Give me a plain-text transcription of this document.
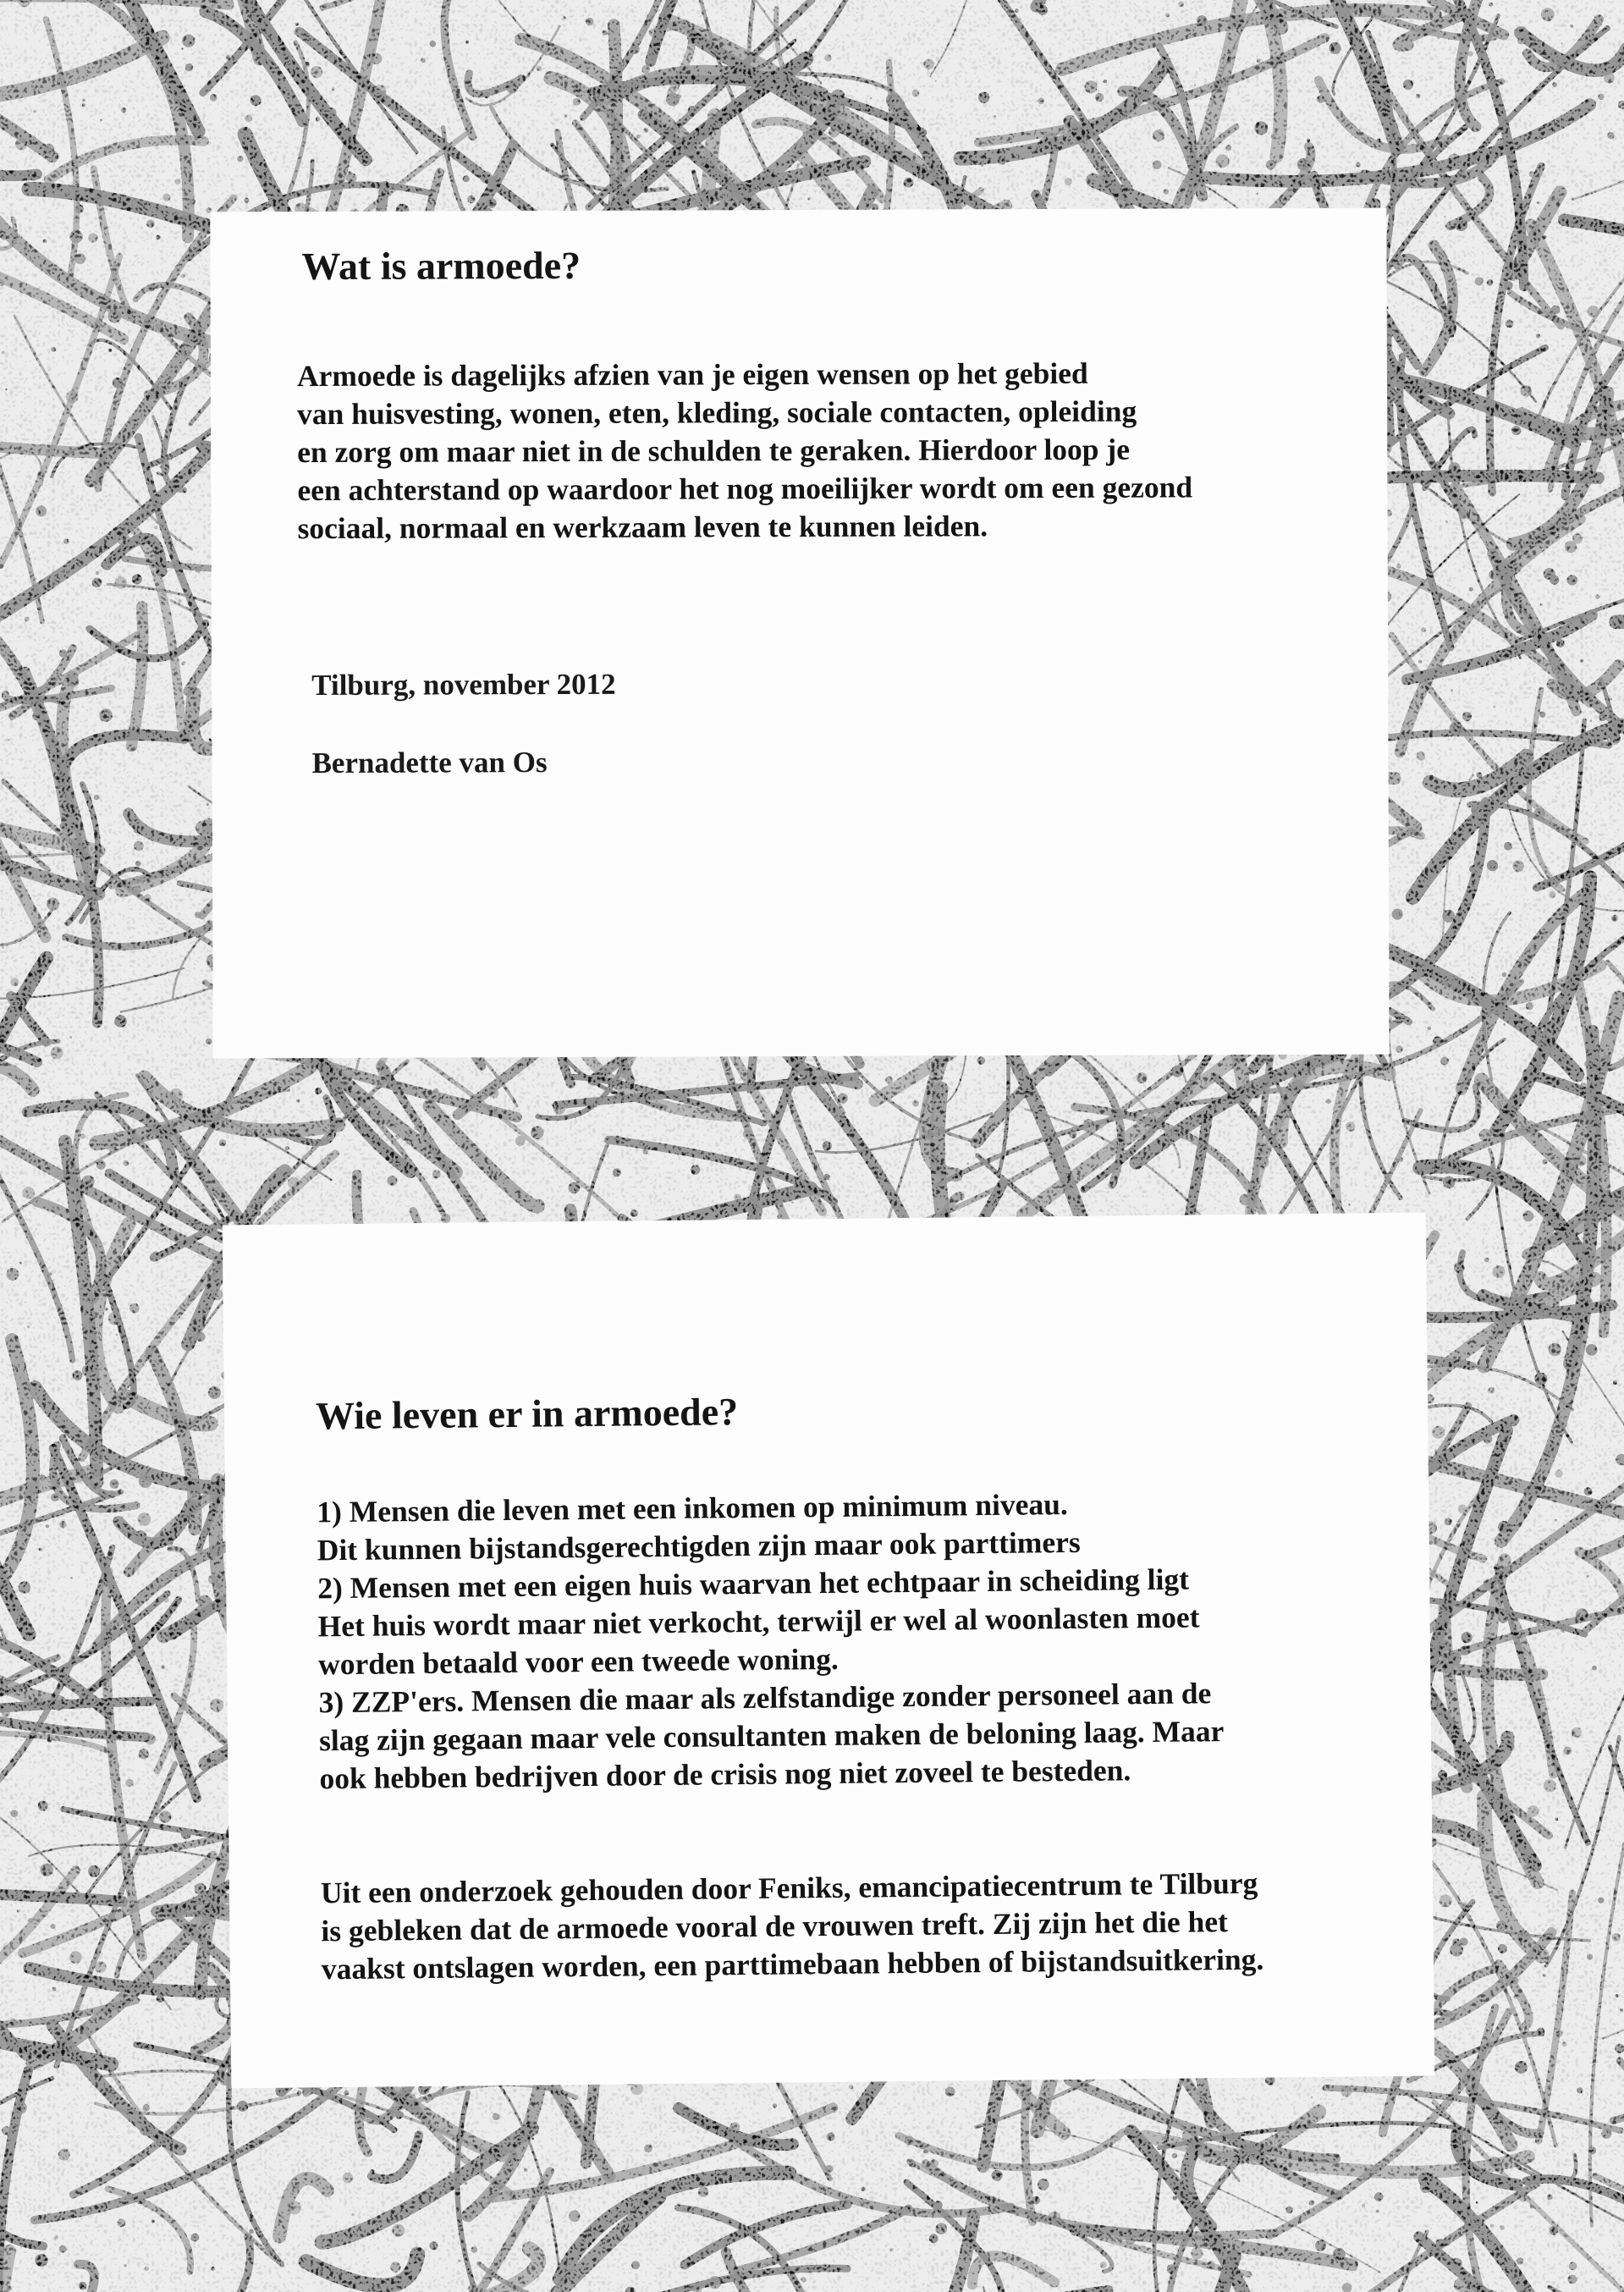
Wat is armoede?

Armoede is dagelijks afzien van je eigen wensen op het gebied
van huisvesting, wonen, eten, kleding, sociale contacten, opleiding
en zorg om maar niet in de schulden te geraken. Hierdoor loop je
een achterstand op waardoor het nog moeilijker wordt om een gezond
sociaal, normaal en werkzaam leven te kunnen leiden.

Tilburg, november 2012

Bernadette van Os

Wie leven er in armoede?

1) Mensen die leven met een inkomen op minimum niveau.
Dit kunnen bijstandsgerechtigden zijn maar ook parttimers
2) Mensen met een eigen huis waarvan het echtpaar in scheiding ligt
Het huis wordt maar niet verkocht, terwijl er wel al woonlasten moet
worden betaald voor een tweede woning.
3) ZZP'ers. Mensen die maar als zelfstandige zonder personeel aan de
slag zijn gegaan maar vele consultanten maken de beloning laag. Maar
ook hebben bedrijven door de crisis nog niet zoveel te besteden.

Uit een onderzoek gehouden door Feniks, emancipatiecentrum te Tilburg
is gebleken dat de armoede vooral de vrouwen treft. Zij zijn het die het
vaakst ontslagen worden, een parttimebaan hebben of bijstandsuitkering.
